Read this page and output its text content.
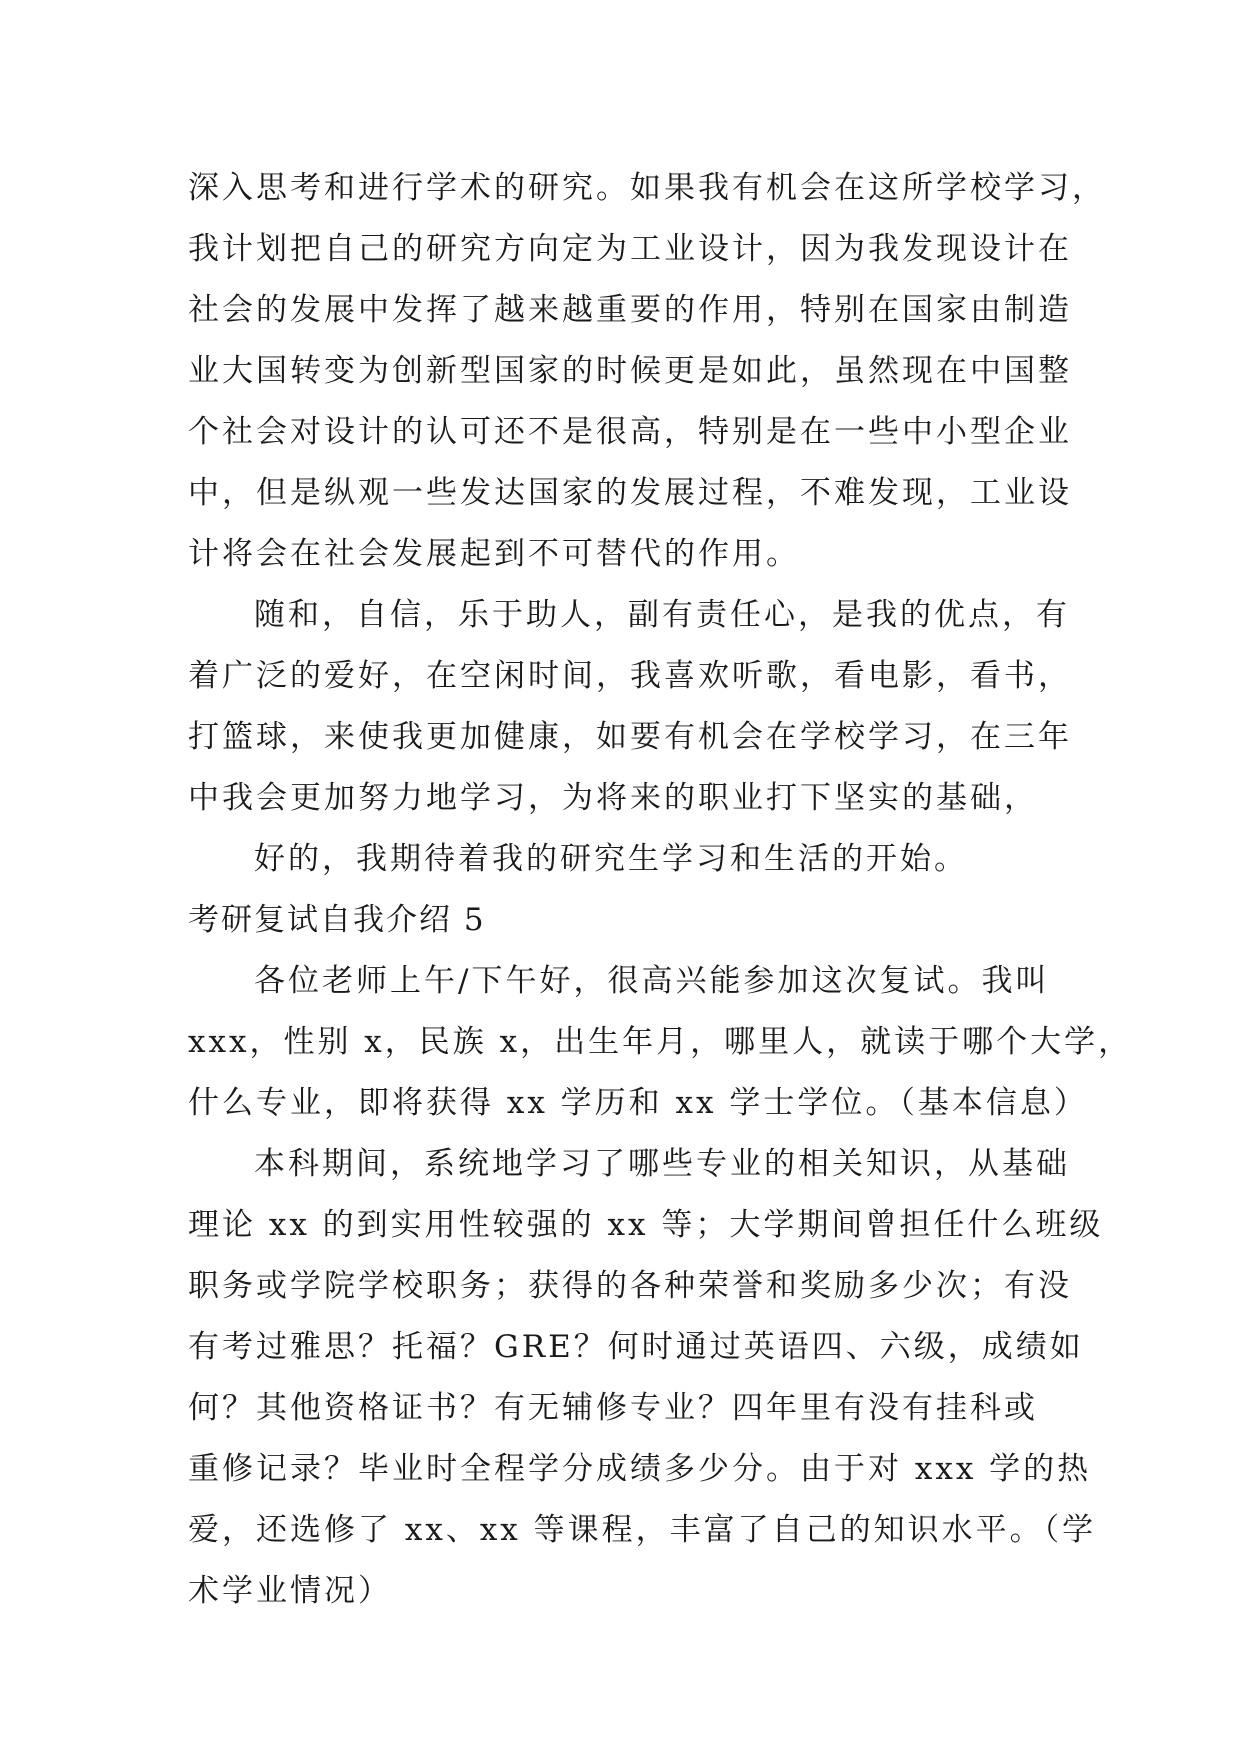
深入思考和进行学术的研究。如果我有机会在这所学校学习，
我计划把自己的研究方向定为工业设计，因为我发现设计在
社会的发展中发挥了越来越重要的作用，特别在国家由制造
业大国转变为创新型国家的时候更是如此，虽然现在中国整
个社会对设计的认可还不是很高，特别是在一些中小型企业
中，但是纵观一些发达国家的发展过程，不难发现，工业设
计将会在社会发展起到不可替代的作用。
随和，自信，乐于助人，副有责任心，是我的优点，有
着广泛的爱好，在空闲时间，我喜欢听歌，看电影，看书，
打篮球，来使我更加健康，如要有机会在学校学习，在三年
中我会更加努力地学习，为将来的职业打下坚实的基础，
好的，我期待着我的研究生学习和生活的开始。
考研复试自我介绍 5
各位老师上午/下午好，很高兴能参加这次复试。我叫
xxx，性别 x，民族 x，出生年月，哪里人，就读于哪个大学，
什么专业，即将获得 xx 学历和 xx 学士学位。（基本信息）
本科期间，系统地学习了哪些专业的相关知识，从基础
理论 xx 的到实用性较强的 xx 等；大学期间曾担任什么班级
职务或学院学校职务；获得的各种荣誉和奖励多少次；有没
有考过雅思？托福？GRE？何时通过英语四、六级，成绩如
何？其他资格证书？有无辅修专业？四年里有没有挂科或
重修记录？毕业时全程学分成绩多少分。由于对 xxx 学的热
爱，还选修了 xx、xx 等课程，丰富了自己的知识水平。（学
术学业情况）
